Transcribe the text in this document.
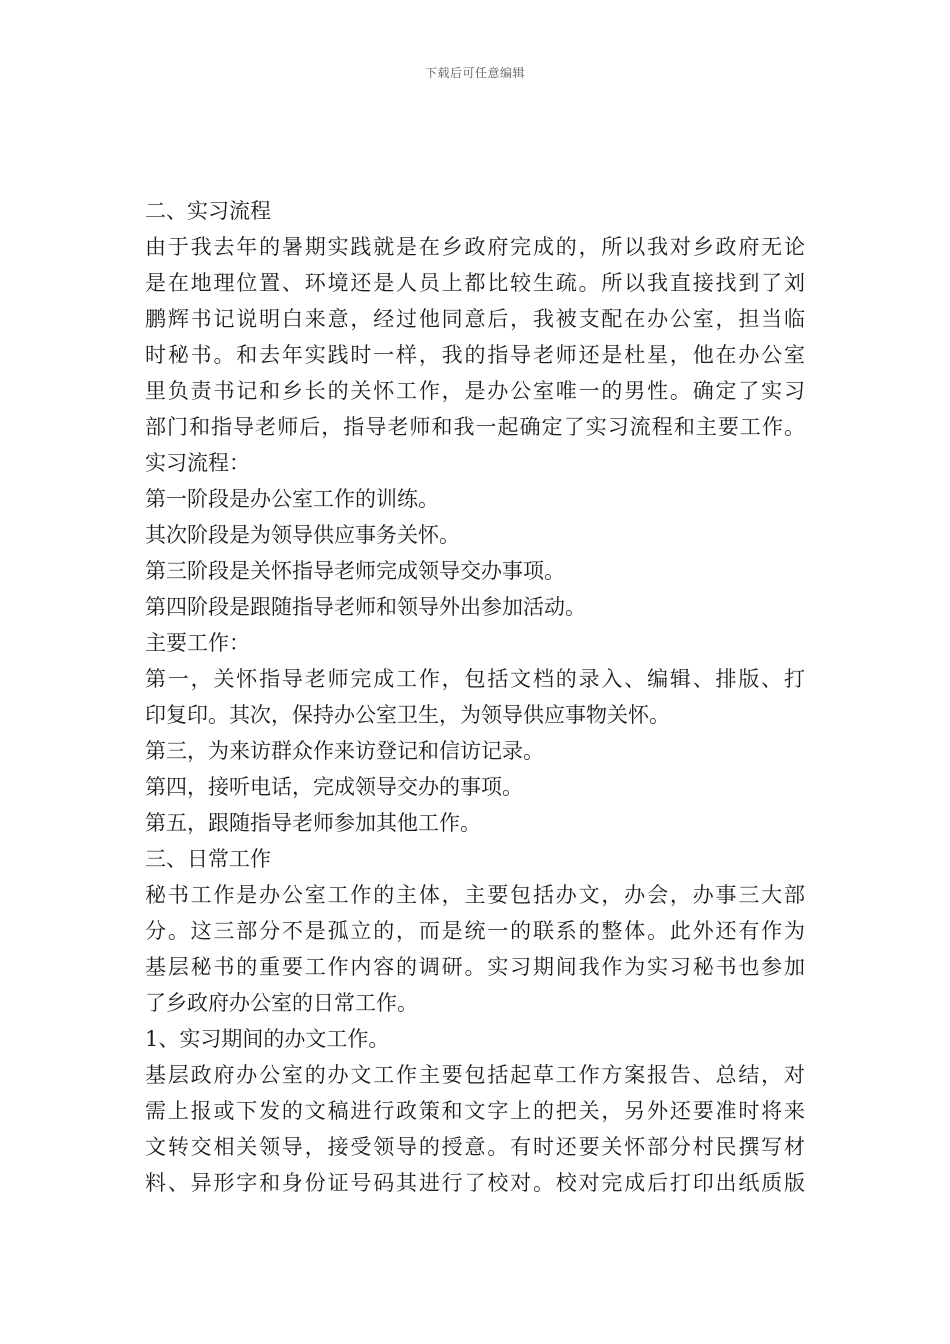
下载后可任意编辑
二、实习流程
由于我去年的暑期实践就是在乡政府完成的，所以我对乡政府无论
是在地理位置、环境还是人员上都比较生疏。所以我直接找到了刘
鹏辉书记说明白来意，经过他同意后，我被支配在办公室，担当临
时秘书。和去年实践时一样，我的指导老师还是杜星，他在办公室
里负责书记和乡长的关怀工作，是办公室唯一的男性。确定了实习
部门和指导老师后，指导老师和我一起确定了实习流程和主要工作。
实习流程：
第一阶段是办公室工作的训练。
其次阶段是为领导供应事务关怀。
第三阶段是关怀指导老师完成领导交办事项。
第四阶段是跟随指导老师和领导外出参加活动。
主要工作：
第一，关怀指导老师完成工作，包括文档的录入、编辑、排版、打
印复印。其次，保持办公室卫生，为领导供应事物关怀。
第三，为来访群众作来访登记和信访记录。
第四，接听电话，完成领导交办的事项。
第五，跟随指导老师参加其他工作。
三、日常工作
秘书工作是办公室工作的主体，主要包括办文，办会，办事三大部
分。这三部分不是孤立的，而是统一的联系的整体。此外还有作为
基层秘书的重要工作内容的调研。实习期间我作为实习秘书也参加
了乡政府办公室的日常工作。
1、实习期间的办文工作。
基层政府办公室的办文工作主要包括起草工作方案报告、总结，对
需上报或下发的文稿进行政策和文字上的把关，另外还要准时将来
文转交相关领导，接受领导的授意。有时还要关怀部分村民撰写材
料、异形字和身份证号码其进行了校对。校对完成后打印出纸质版
